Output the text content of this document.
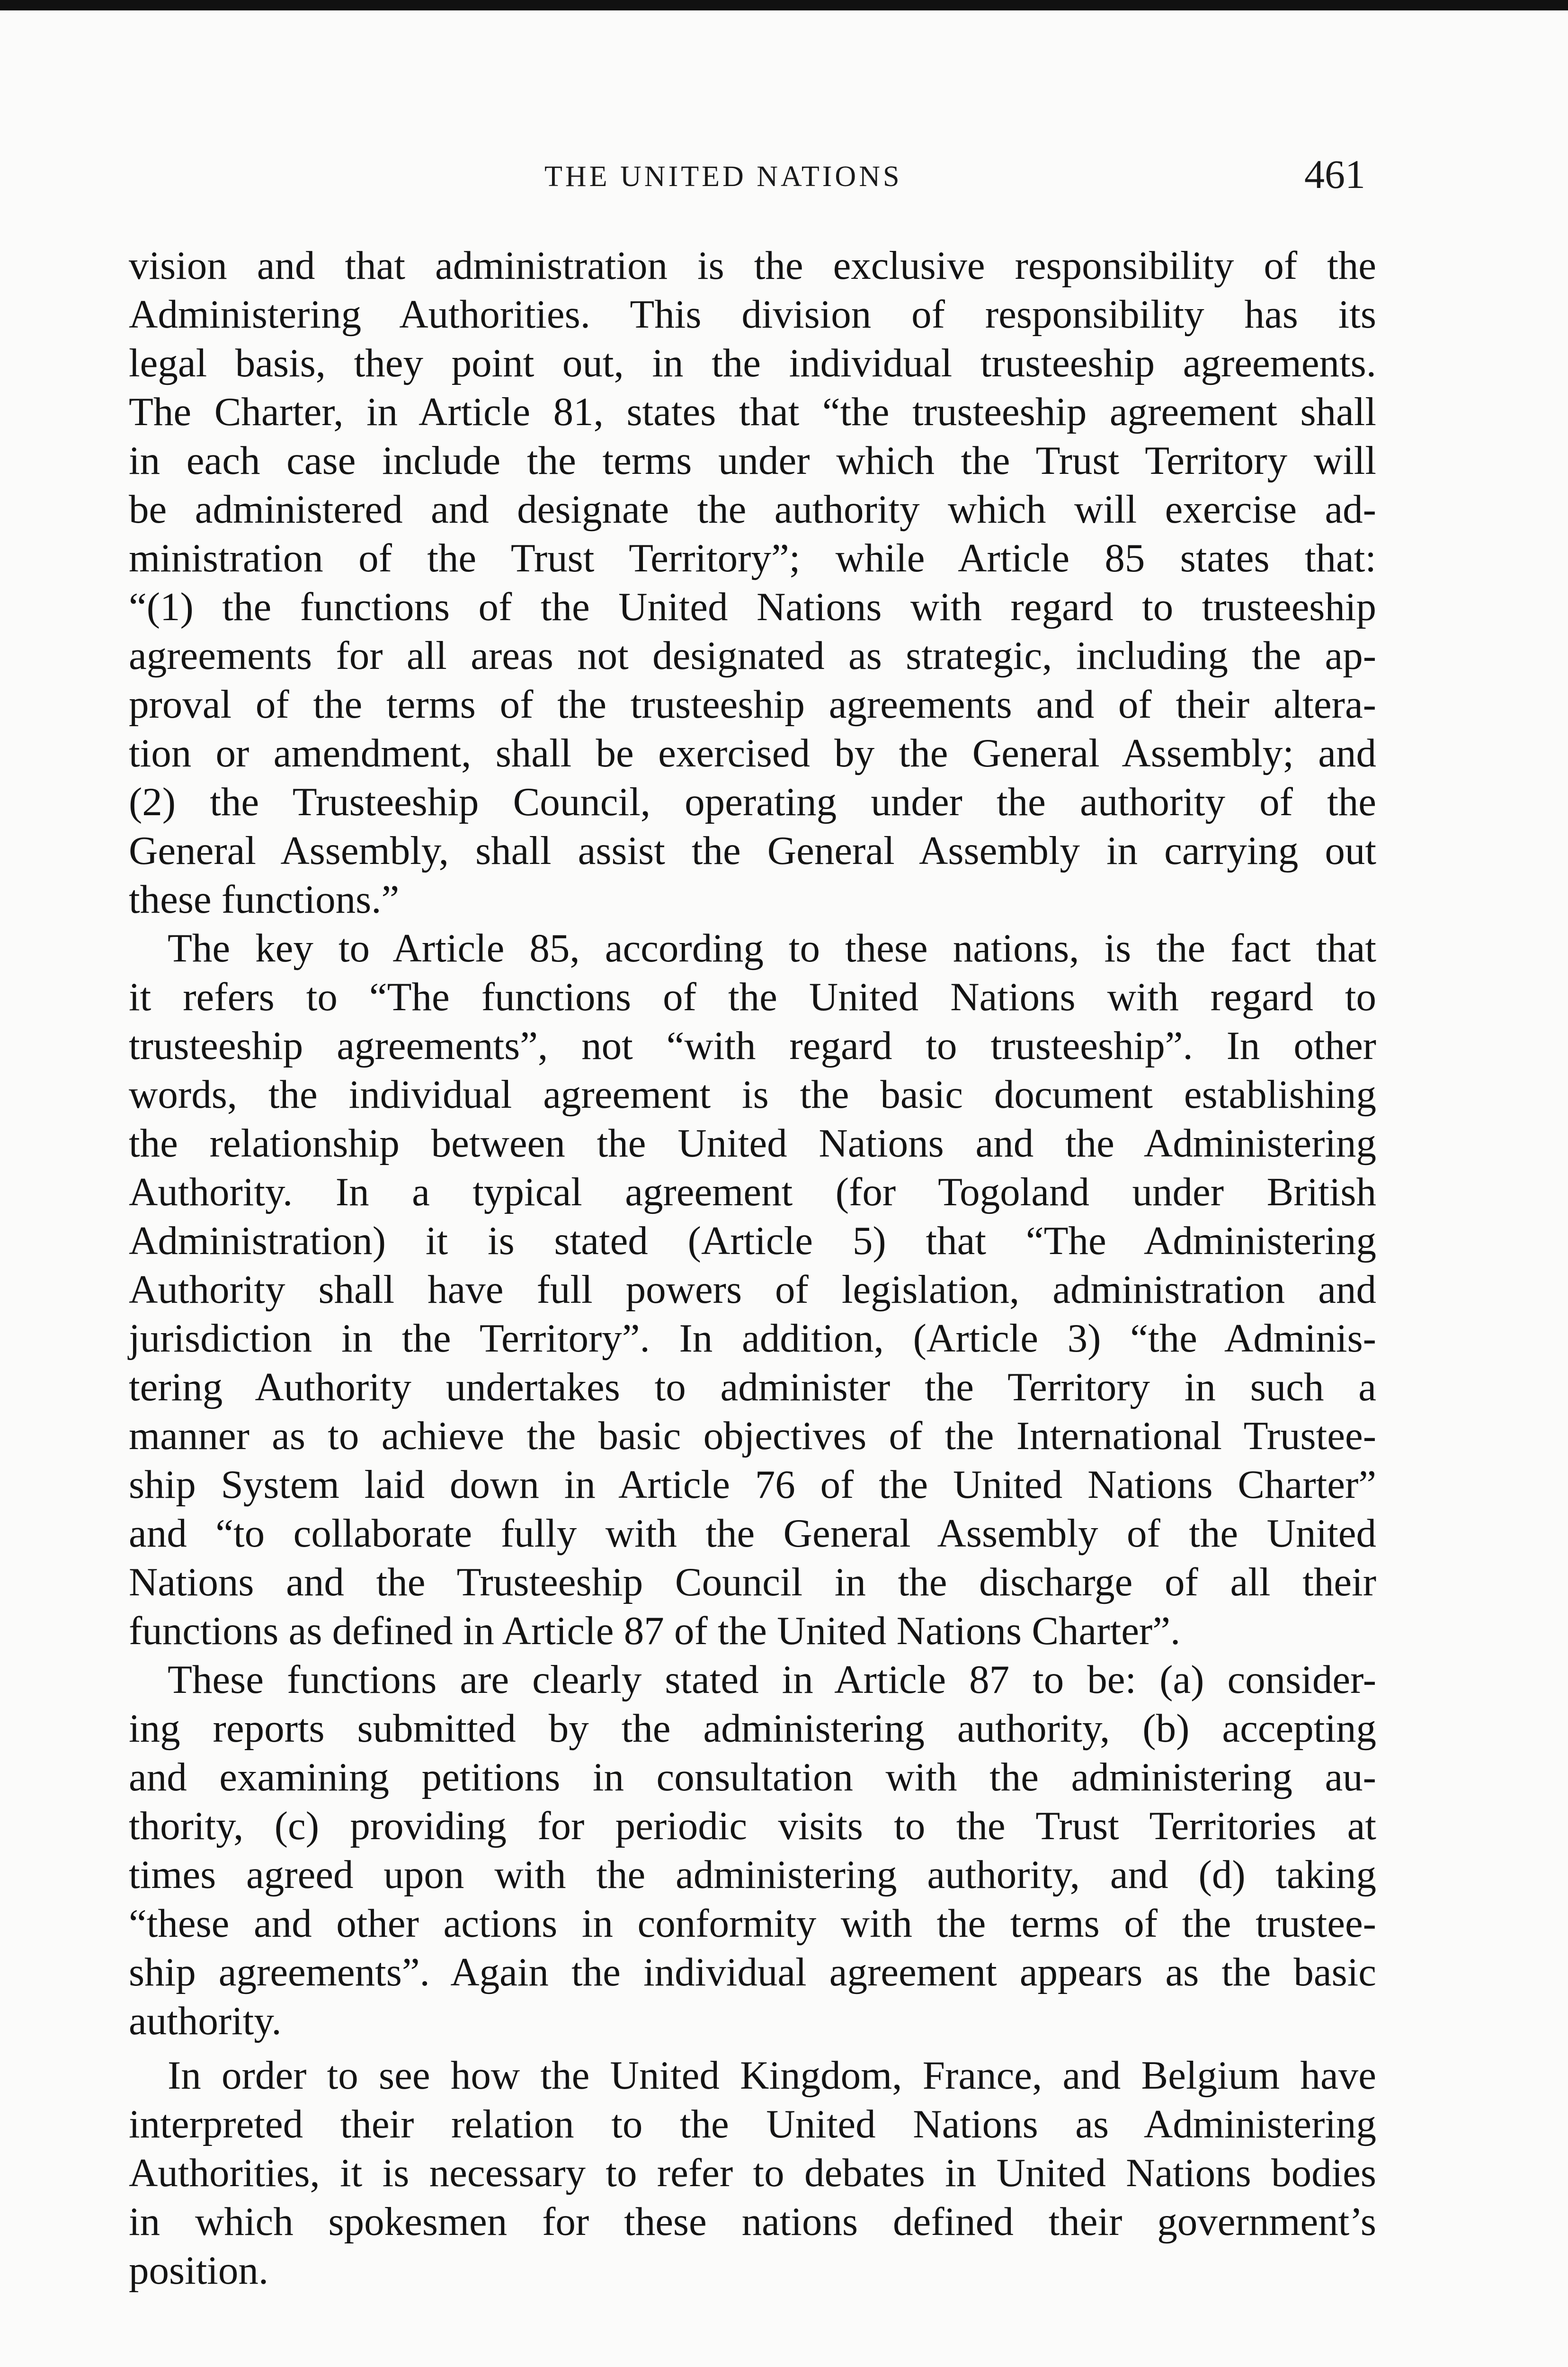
THE UNITED NATIONS	461
vision and that administration is the exclusive responsibility of the
Administering Authorities. This division of responsibility has its
legal basis, they point out, in the individual trusteeship agreements.
The Charter, in Article 81, states that “the trusteeship agreement shall
in each case include the terms under which the Trust Territory will
be administered and designate the authority which will exercise ad-
ministration of the Trust Territory”; while Article 85 states that:
“(1) the functions of the United Nations with regard to trusteeship
agreements for all areas not designated as strategic, including the ap-
proval of the terms of the trusteeship agreements and of their altera-
tion or amendment, shall be exercised by the General Assembly; and
(2) the Trusteeship Council, operating under the authority of the
General Assembly, shall assist the General Assembly in carrying out
these functions.”
The key to Article 85, according to these nations, is the fact that
it refers to “The functions of the United Nations with regard to
trusteeship agreements”, not “with regard to trusteeship”. In other
words, the individual agreement is the basic document establishing
the relationship between the United Nations and the Administering
Authority. In a typical agreement (for Togoland under British
Administration) it is stated (Article 5) that “The Administering
Authority shall have full powers of legislation, administration and
jurisdiction in the Territory”. In addition, (Article 3) “the Adminis-
tering Authority undertakes to administer the Territory in such a
manner as to achieve the basic objectives of the International Trustee-
ship System laid down in Article 76 of the United Nations Charter”
and “to collaborate fully with the General Assembly of the United
Nations and the Trusteeship Council in the discharge of all their
functions as defined in Article 87 of the United Nations Charter”.
These functions are clearly stated in Article 87 to be: (a) consider-
ing reports submitted by the administering authority, (b) accepting
and examining petitions in consultation with the administering au-
thority, (c) providing for periodic visits to the Trust Territories at
times agreed upon with the administering authority, and (d) taking
“these and other actions in conformity with the terms of the trustee-
ship agreements”. Again the individual agreement appears as the basic
authority.
In order to see how the United Kingdom, France, and Belgium have
interpreted their relation to the United Nations as Administering
Authorities, it is necessary to refer to debates in United Nations bodies
in which spokesmen for these nations defined their government’s
position.
